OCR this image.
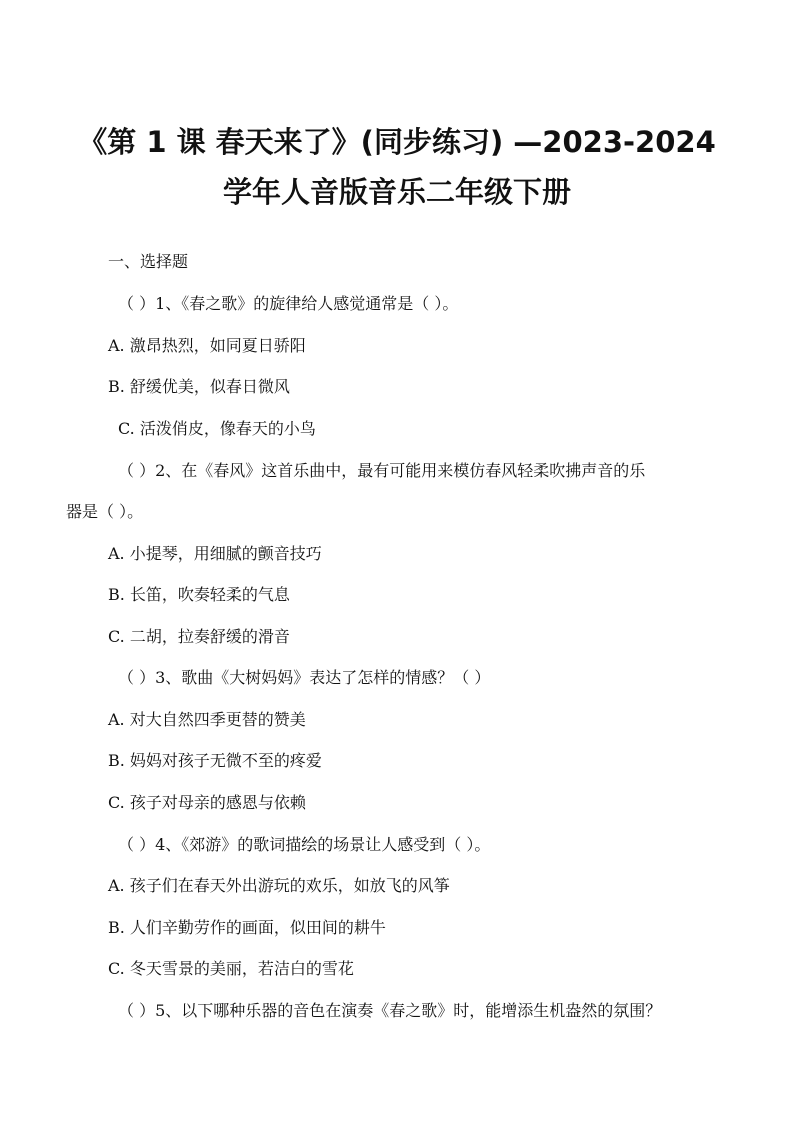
《第 1 课 春天来了》(同步练习) —2023-2024
学年人音版音乐二年级下册
一、选择题
（ ）1、《春之歌》的旋律给人感觉通常是（ ）。
A. 激昂热烈，如同夏日骄阳
B. 舒缓优美，似春日微风
C. 活泼俏皮，像春天的小鸟
（ ）2、在《春风》这首乐曲中，最有可能用来模仿春风轻柔吹拂声音的乐
器是（ ）。
A. 小提琴，用细腻的颤音技巧
B. 长笛，吹奏轻柔的气息
C. 二胡，拉奏舒缓的滑音
（ ）3、歌曲《大树妈妈》表达了怎样的情感？（ ）
A. 对大自然四季更替的赞美
B. 妈妈对孩子无微不至的疼爱
C. 孩子对母亲的感恩与依赖
（ ）4、《郊游》的歌词描绘的场景让人感受到（ ）。
A. 孩子们在春天外出游玩的欢乐，如放飞的风筝
B. 人们辛勤劳作的画面，似田间的耕牛
C. 冬天雪景的美丽，若洁白的雪花
（ ）5、以下哪种乐器的音色在演奏《春之歌》时，能增添生机盎然的氛围？
